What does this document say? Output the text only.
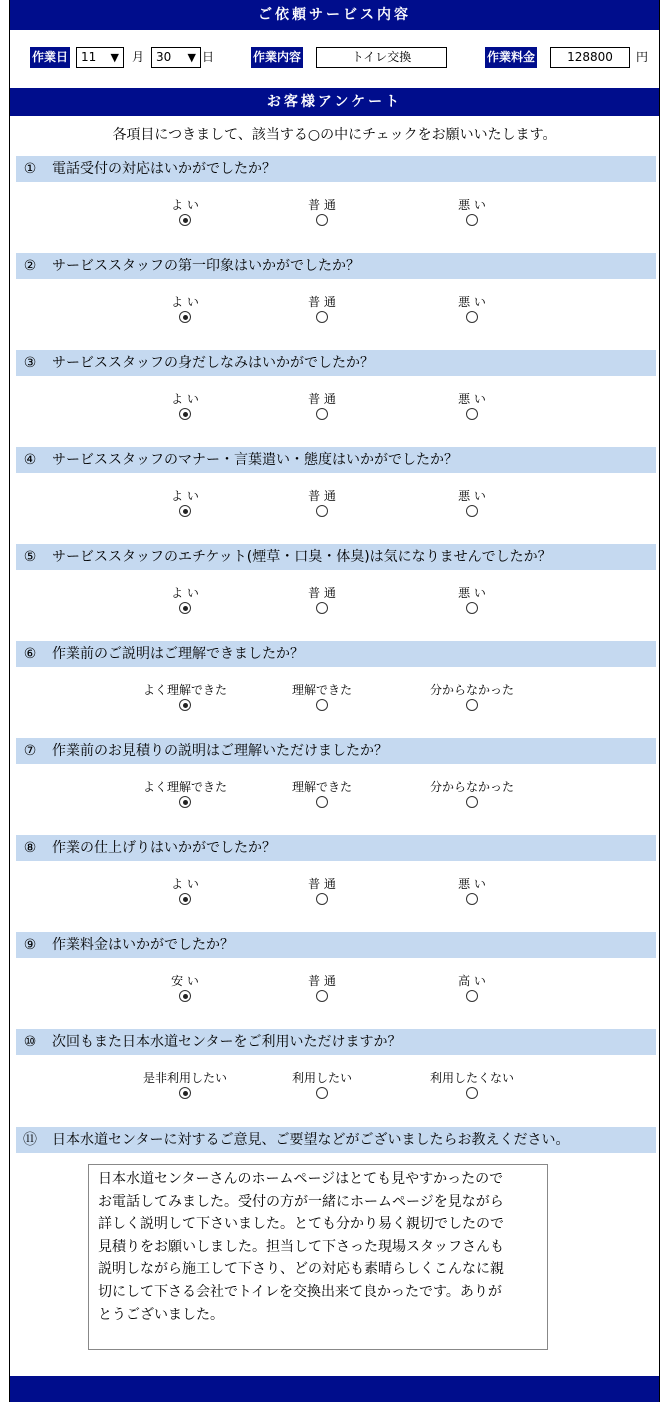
ご依頼サービス内容
作業日	11 ▼ 月 30 ▼ 日	作業内容	トイレ交換	作業料金	128800	円
お客様アンケート
各項目につきまして、該当する○の中にチェックをお願いいたします。
① 電話受付の対応はいかがでしたか？
よ い	普 通	悪 い
② サービススタッフの第一印象はいかがでしたか？
よ い	普 通	悪 い
③ サービススタッフの身だしなみはいかがでしたか？
よ い	普 通	悪 い
④ サービススタッフのマナー・言葉遣い・態度はいかがでしたか？
よ い	普 通	悪 い
⑤ サービススタッフのエチケット(煙草・口臭・体臭)は気になりませんでしたか？
よ い	普 通	悪 い
⑥ 作業前のご説明はご理解できましたか？
よく理解できた	理解できた	分からなかった
⑦ 作業前のお見積りの説明はご理解いただけましたか？
よく理解できた	理解できた	分からなかった
⑧ 作業の仕上げりはいかがでしたか？
よ い	普 通	悪 い
⑨ 作業料金はいかがでしたか？
安 い	普 通	高 い
⑩ 次回もまた日本水道センターをご利用いただけますか？
是非利用したい	利用したい	利用したくない
⑪ 日本水道センターに対するご意見、ご要望などがございましたらお教えください。
日本水道センターさんのホームページはとても見やすかったので
お電話してみました。受付の方が一緒にホームページを見ながら
詳しく説明して下さいました。とても分かり易く親切でしたので
見積りをお願いしました。担当して下さった現場スタッフさんも
説明しながら施工して下さり、どの対応も素晴らしくこんなに親
切にして下さる会社でトイレを交換出来て良かったです。ありが
とうございました。
